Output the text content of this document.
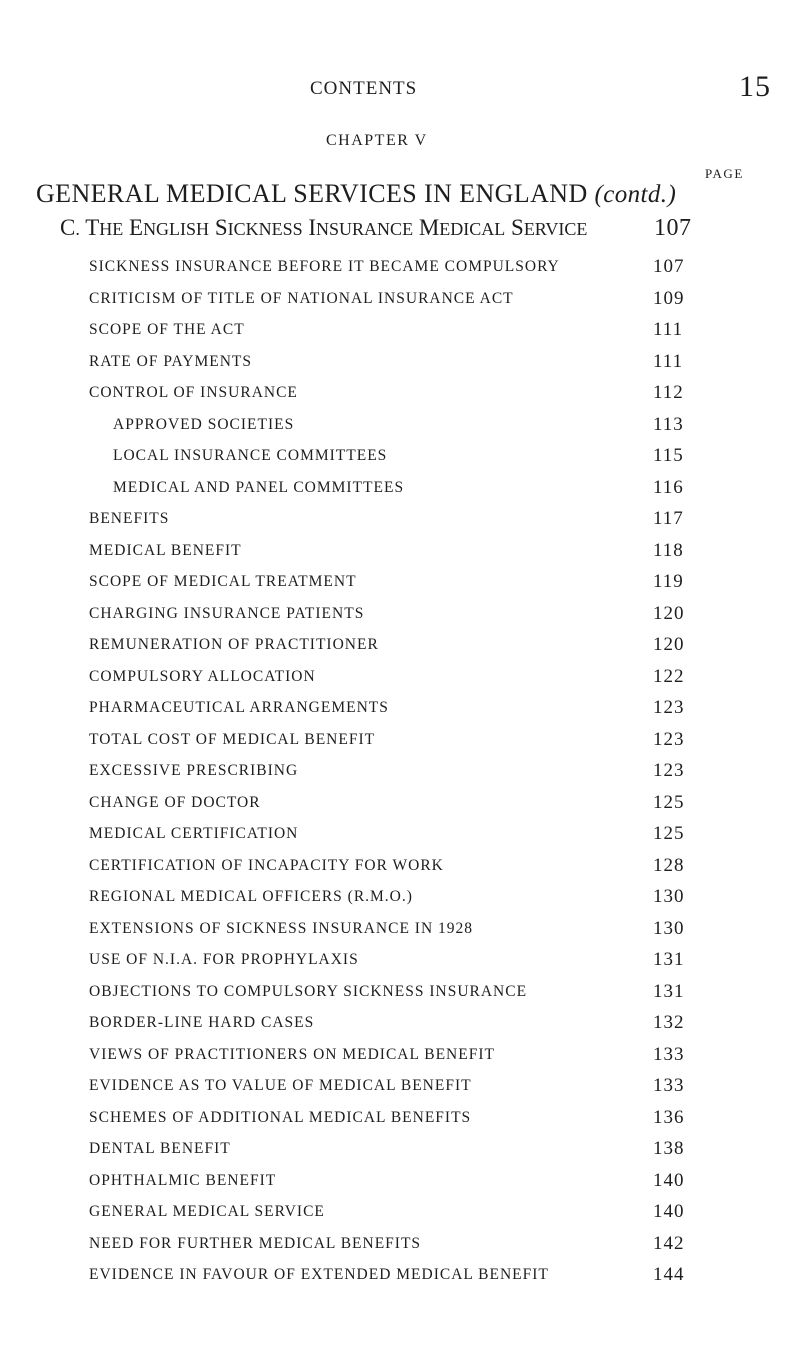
CONTENTS	15
CHAPTER V
PAGE
GENERAL MEDICAL SERVICES IN ENGLAND (contd.)
C. THE ENGLISH SICKNESS INSURANCE MEDICAL SERVICE	107
SICKNESS INSURANCE BEFORE IT BECAME COMPULSORY	107
CRITICISM OF TITLE OF NATIONAL INSURANCE ACT	109
SCOPE OF THE ACT	111
RATE OF PAYMENTS	111
CONTROL OF INSURANCE	112
APPROVED SOCIETIES	113
LOCAL INSURANCE COMMITTEES	115
MEDICAL AND PANEL COMMITTEES	116
BENEFITS	117
MEDICAL BENEFIT	118
SCOPE OF MEDICAL TREATMENT	119
CHARGING INSURANCE PATIENTS	120
REMUNERATION OF PRACTITIONER	120
COMPULSORY ALLOCATION	122
PHARMACEUTICAL ARRANGEMENTS	123
TOTAL COST OF MEDICAL BENEFIT	123
EXCESSIVE PRESCRIBING	123
CHANGE OF DOCTOR	125
MEDICAL CERTIFICATION	125
CERTIFICATION OF INCAPACITY FOR WORK	128
REGIONAL MEDICAL OFFICERS (R.M.O.)	130
EXTENSIONS OF SICKNESS INSURANCE IN 1928	130
USE OF N.I.A. FOR PROPHYLAXIS	131
OBJECTIONS TO COMPULSORY SICKNESS INSURANCE	131
BORDER-LINE HARD CASES	132
VIEWS OF PRACTITIONERS ON MEDICAL BENEFIT	133
EVIDENCE AS TO VALUE OF MEDICAL BENEFIT	133
SCHEMES OF ADDITIONAL MEDICAL BENEFITS	136
DENTAL BENEFIT	138
OPHTHALMIC BENEFIT	140
GENERAL MEDICAL SERVICE	140
NEED FOR FURTHER MEDICAL BENEFITS	142
EVIDENCE IN FAVOUR OF EXTENDED MEDICAL BENEFIT	144
